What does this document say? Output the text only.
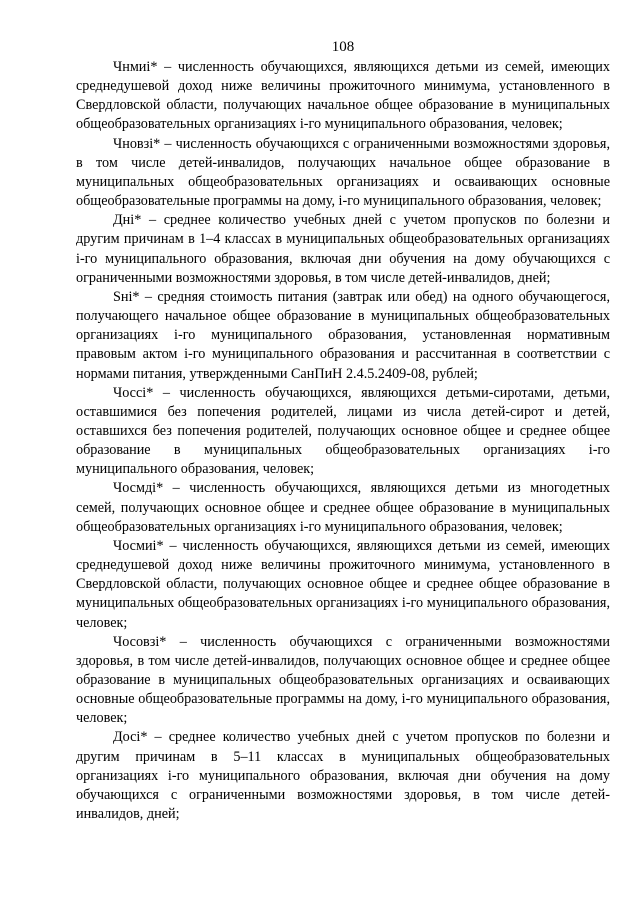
108

Чнмиі* – численность обучающихся, являющихся детьми из семей, имеющих среднедушевой доход ниже величины прожиточного минимума, установленного в Свердловской области, получающих начальное общее образование в муниципальных общеобразовательных организациях і-го муниципального образования, человек;

Чновзі* – численность обучающихся с ограниченными возможностями здоровья, в том числе детей-инвалидов, получающих начальное общее образование в муниципальных общеобразовательных организациях и осваивающих основные общеобразовательные программы на дому, і-го муниципального образования, человек;

Дні* – среднее количество учебных дней с учетом пропусков по болезни и другим причинам в 1–4 классах в муниципальных общеобразовательных организациях і-го муниципального образования, включая дни обучения на дому обучающихся с ограниченными возможностями здоровья, в том числе детей-инвалидов, дней;

Sні* – средняя стоимость питания (завтрак или обед) на одного обучающегося, получающего начальное общее образование в муниципальных общеобразовательных организациях і-го муниципального образования, установленная нормативным правовым актом і-го муниципального образования и рассчитанная в соответствии с нормами питания, утвержденными СанПиН 2.4.5.2409-08, рублей;

Чоссі* – численность обучающихся, являющихся детьми-сиротами, детьми, оставшимися без попечения родителей, лицами из числа детей-сирот и детей, оставшихся без попечения родителей, получающих основное общее и среднее общее образование в муниципальных общеобразовательных организациях і-го муниципального образования, человек;

Чосмді* – численность обучающихся, являющихся детьми из многодетных семей, получающих основное общее и среднее общее образование в муниципальных общеобразовательных организациях і-го муниципального образования, человек;

Чосмиі* – численность обучающихся, являющихся детьми из семей, имеющих среднедушевой доход ниже величины прожиточного минимума, установленного в Свердловской области, получающих основное общее и среднее общее образование в муниципальных общеобразовательных организациях і-го муниципального образования, человек;

Чосовзі* – численность обучающихся с ограниченными возможностями здоровья, в том числе детей-инвалидов, получающих основное общее и среднее общее образование в муниципальных общеобразовательных организациях и осваивающих основные общеобразовательные программы на дому, і-го муниципального образования, человек;

Досі* – среднее количество учебных дней с учетом пропусков по болезни и другим причинам в 5–11 классах в муниципальных общеобразовательных организациях і-го муниципального образования, включая дни обучения на дому обучающихся с ограниченными возможностями здоровья, в том числе детей-инвалидов, дней;
